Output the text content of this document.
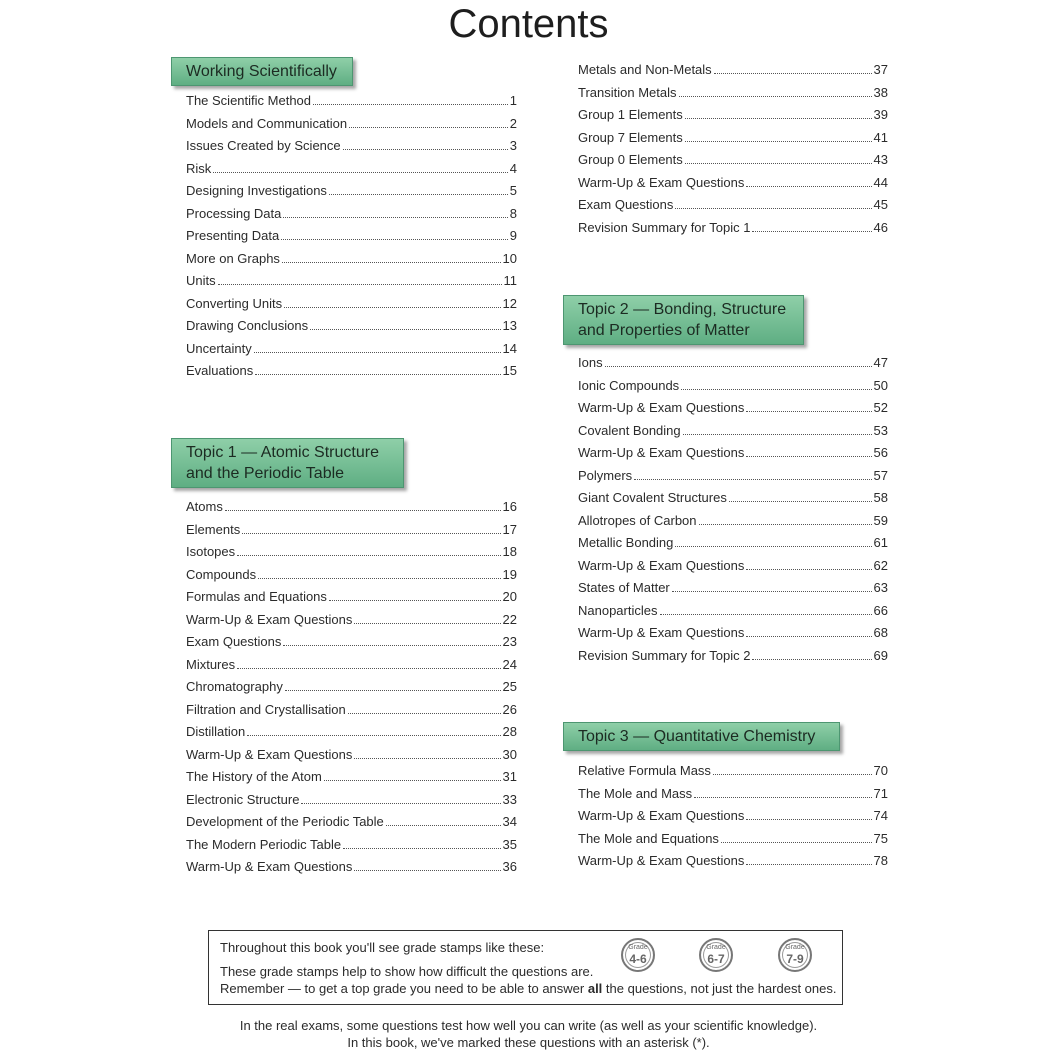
Contents
Working Scientifically
The Scientific Method	1
Models and Communication	2
Issues Created by Science	3
Risk	4
Designing Investigations	5
Processing Data	8
Presenting Data	9
More on Graphs	10
Units	11
Converting Units	12
Drawing Conclusions	13
Uncertainty	14
Evaluations	15
Topic 1 — Atomic Structure
and the Periodic Table
Atoms	16
Elements	17
Isotopes	18
Compounds	19
Formulas and Equations	20
Warm-Up & Exam Questions	22
Exam Questions	23
Mixtures	24
Chromatography	25
Filtration and Crystallisation	26
Distillation	28
Warm-Up & Exam Questions	30
The History of the Atom	31
Electronic Structure	33
Development of the Periodic Table	34
The Modern Periodic Table	35
Warm-Up & Exam Questions	36
Metals and Non-Metals	37
Transition Metals	38
Group 1 Elements	39
Group 7 Elements	41
Group 0 Elements	43
Warm-Up & Exam Questions	44
Exam Questions	45
Revision Summary for Topic 1	46
Topic 2 — Bonding, Structure
and Properties of Matter
Ions	47
Ionic Compounds	50
Warm-Up & Exam Questions	52
Covalent Bonding	53
Warm-Up & Exam Questions	56
Polymers	57
Giant Covalent Structures	58
Allotropes of Carbon	59
Metallic Bonding	61
Warm-Up & Exam Questions	62
States of Matter	63
Nanoparticles	66
Warm-Up & Exam Questions	68
Revision Summary for Topic 2	69
Topic 3 — Quantitative Chemistry
Relative Formula Mass	70
The Mole and Mass	71
Warm-Up & Exam Questions	74
The Mole and Equations	75
Warm-Up & Exam Questions	78
Throughout this book you'll see grade stamps like these:
These grade stamps help to show how difficult the questions are.
Remember — to get a top grade you need to be able to answer all the questions, not just the hardest ones.
Grade
4-6
Grade
6-7
Grade
7-9
In the real exams, some questions test how well you can write (as well as your scientific knowledge).
In this book, we've marked these questions with an asterisk (*).
